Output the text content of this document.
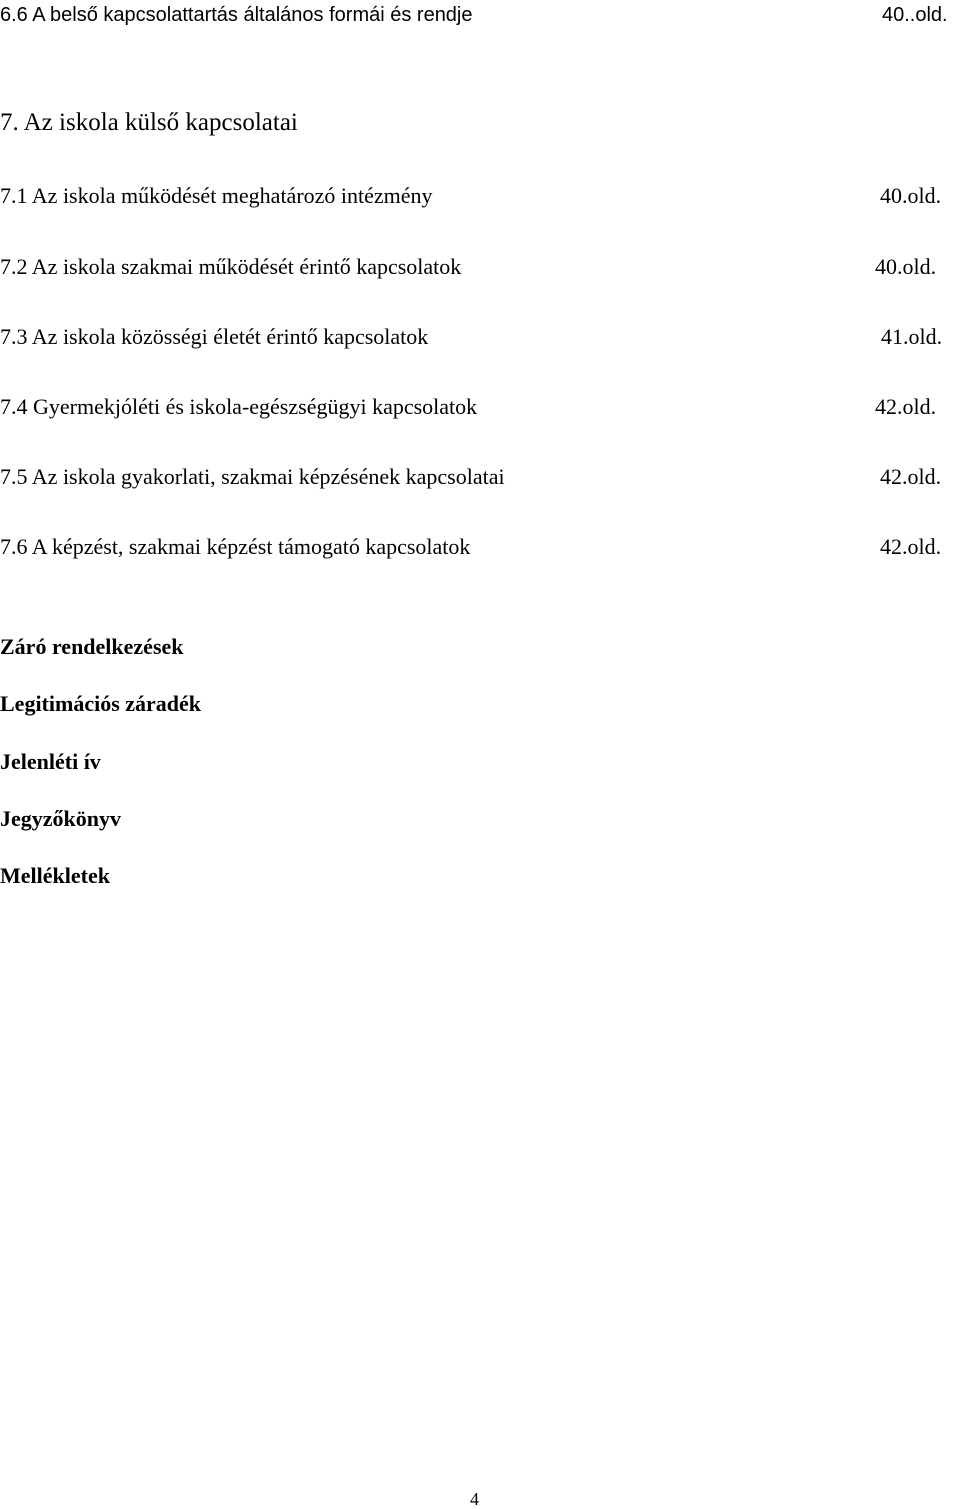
6.6 A belső kapcsolattartás általános formái és rendje	40..old.
7. Az iskola külső kapcsolatai
7.1 Az iskola működését meghatározó intézmény	40.old.
7.2 Az iskola szakmai működését érintő kapcsolatok	40.old.
7.3 Az iskola közösségi életét érintő kapcsolatok	41.old.
7.4 Gyermekjóléti és iskola-egészségügyi kapcsolatok	42.old.
7.5 Az iskola gyakorlati, szakmai képzésének kapcsolatai	42.old.
7.6 A képzést, szakmai képzést támogató kapcsolatok	42.old.
Záró rendelkezések
Legitimációs záradék
Jelenléti ív
Jegyzőkönyv
Mellékletek
4
